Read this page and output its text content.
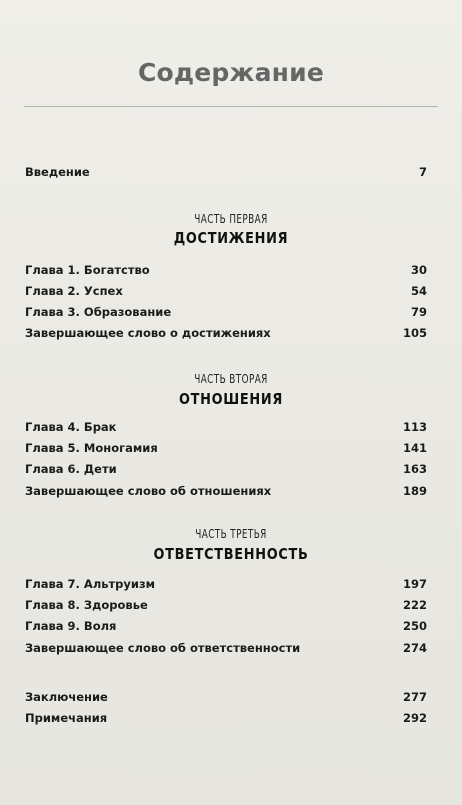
Содержание
Введение	7
ЧАСТЬ ПЕРВАЯ
ДОСТИЖЕНИЯ
Глава 1. Богатство	30
Глава 2. Успех	54
Глава 3. Образование	79
Завершающее слово о достижениях	105
ЧАСТЬ ВТОРАЯ
ОТНОШЕНИЯ
Глава 4. Брак	113
Глава 5. Моногамия	141
Глава 6. Дети	163
Завершающее слово об отношениях	189
ЧАСТЬ ТРЕТЬЯ
ОТВЕТСТВЕННОСТЬ
Глава 7. Альтруизм	197
Глава 8. Здоровье	222
Глава 9. Воля	250
Завершающее слово об ответственности	274
Заключение	277
Примечания	292
